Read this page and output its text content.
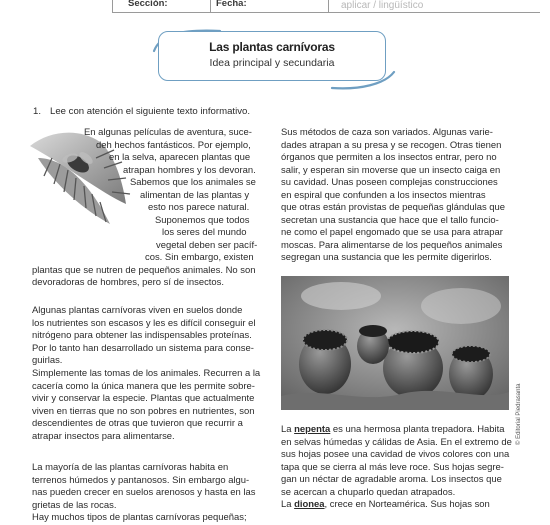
Sección:	Fecha:	aplicar / lingüístico
Las plantas carnívoras
Idea principal y secundaria
1. Lee con atención el siguiente texto informativo.
En algunas películas de aventura, suce-
deh hechos fantásticos. Por ejemplo,
en la selva, aparecen plantas que
atrapan hombres y los devoran.
Sabemos que los animales se
alimentan de las plantas y
esto nos parece natural.
Suponemos que todos
los seres del mundo
vegetal deben ser pacíf-
cos. Sin embargo, existen
plantas que se nutren de pequeños animales. No son
devoradoras de hombres, pero sí de insectos.
Algunas plantas carnívoras viven en suelos donde
los nutrientes son escasos y les es difícil conseguir el
nitrógeno para obtener las indispensables proteínas.
Por lo tanto han desarrollado un sistema para conse-
guirlas.
Simplemente las tomas de los animales. Recurren a la
cacería como la única manera que les permite sobre-
vivir y conservar la especie. Plantas que actualmente
viven en tierras que no son pobres en nutrientes, son
descendientes de otras que tuvieron que recurrir a
atrapar insectos para alimentarse.
La mayoría de las plantas carnívoras habita en
terrenos húmedos y pantanosos. Sin embargo algu-
nas pueden crecer en suelos arenosos y hasta en las
grietas de las rocas.
Hay muchos tipos de plantas carnívoras pequeñas;
Sus métodos de caza son variados. Algunas varie-
dades atrapan a su presa y se recogen. Otras tienen
órganos que permiten a los insectos entrar, pero no
salir, y esperan sin moverse que un insecto caiga en
su cavidad. Unas poseen complejas construcciones
en espiral que confunden a los insectos mientras
que otras están provistas de pequeñas glándulas que
secretan una sustancia que hace que el tallo funcio-
ne como el papel engomado que se usa para atrapar
moscas. Para alimentarse de los pequeños animales
segregan una sustancia que les permite digerirlos.
La nepenta es una hermosa planta trepadora. Habita
en selvas húmedas y cálidas de Asia. En el extremo de
sus hojas posee una cavidad de vivos colores con una
tapa que se cierra al más leve roce. Sus hojas segre-
gan un néctar de agradable aroma. Los insectos que
se acercan a chuparlo quedan atrapados.
La dionea, crece en Norteamérica. Sus hojas son
© Editorial Piedrasanta
